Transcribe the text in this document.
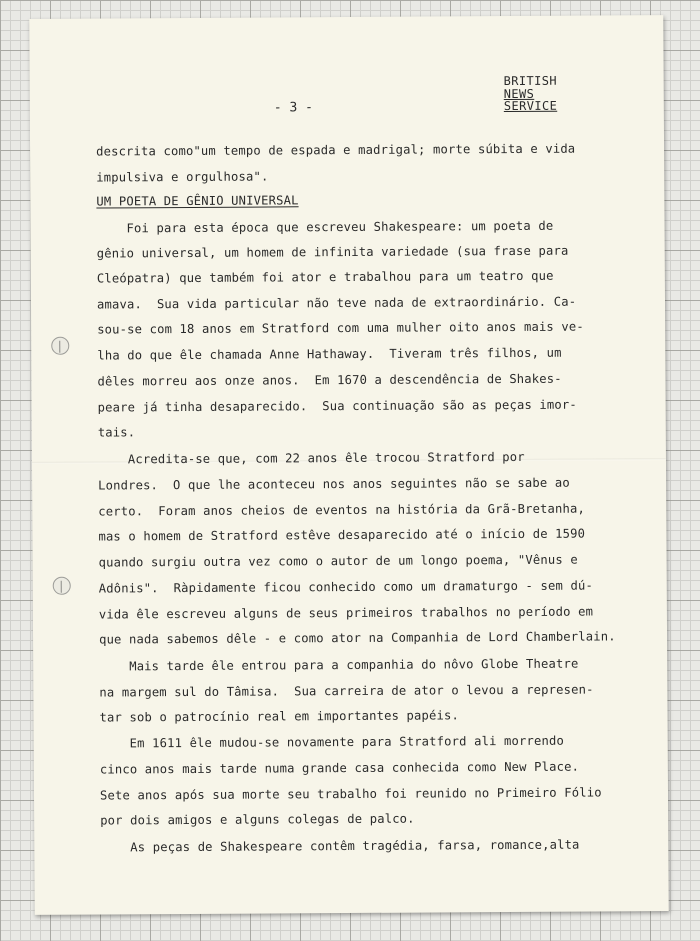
- 3 -
BRITISH
NEWS
SERVICE
descrita como"um tempo de espada e madrigal; morte súbita e vida
impulsiva e orgulhosa".
UM POETA DE GÊNIO UNIVERSAL
Foi para esta época que escreveu Shakespeare: um poeta de
gênio universal, um homem de infinita variedade (sua frase para
Cleópatra) que também foi ator e trabalhou para um teatro que
amava.  Sua vida particular não teve nada de extraordinário. Ca-
sou-se com 18 anos em Stratford com uma mulher oito anos mais ve-
lha do que êle chamada Anne Hathaway.  Tiveram três filhos, um
dêles morreu aos onze anos.  Em 1670 a descendência de Shakes-
peare já tinha desaparecido.  Sua continuação são as peças imor-
tais.
Acredita-se que, com 22 anos êle trocou Stratford por
Londres.  O que lhe aconteceu nos anos seguintes não se sabe ao
certo.  Foram anos cheios de eventos na história da Grã-Bretanha,
mas o homem de Stratford estêve desaparecido até o início de 1590
quando surgiu outra vez como o autor de um longo poema, "Vênus e
Adônis".  Ràpidamente ficou conhecido como um dramaturgo - sem dú-
vida êle escreveu alguns de seus primeiros trabalhos no período em
que nada sabemos dêle - e como ator na Companhia de Lord Chamberlain.
Mais tarde êle entrou para a companhia do nôvo Globe Theatre
na margem sul do Tâmisa.  Sua carreira de ator o levou a represen-
tar sob o patrocínio real em importantes papéis.
Em 1611 êle mudou-se novamente para Stratford ali morrendo
cinco anos mais tarde numa grande casa conhecida como New Place.
Sete anos após sua morte seu trabalho foi reunido no Primeiro Fólio
por dois amigos e alguns colegas de palco.
As peças de Shakespeare contêm tragédia, farsa, romance,alta
